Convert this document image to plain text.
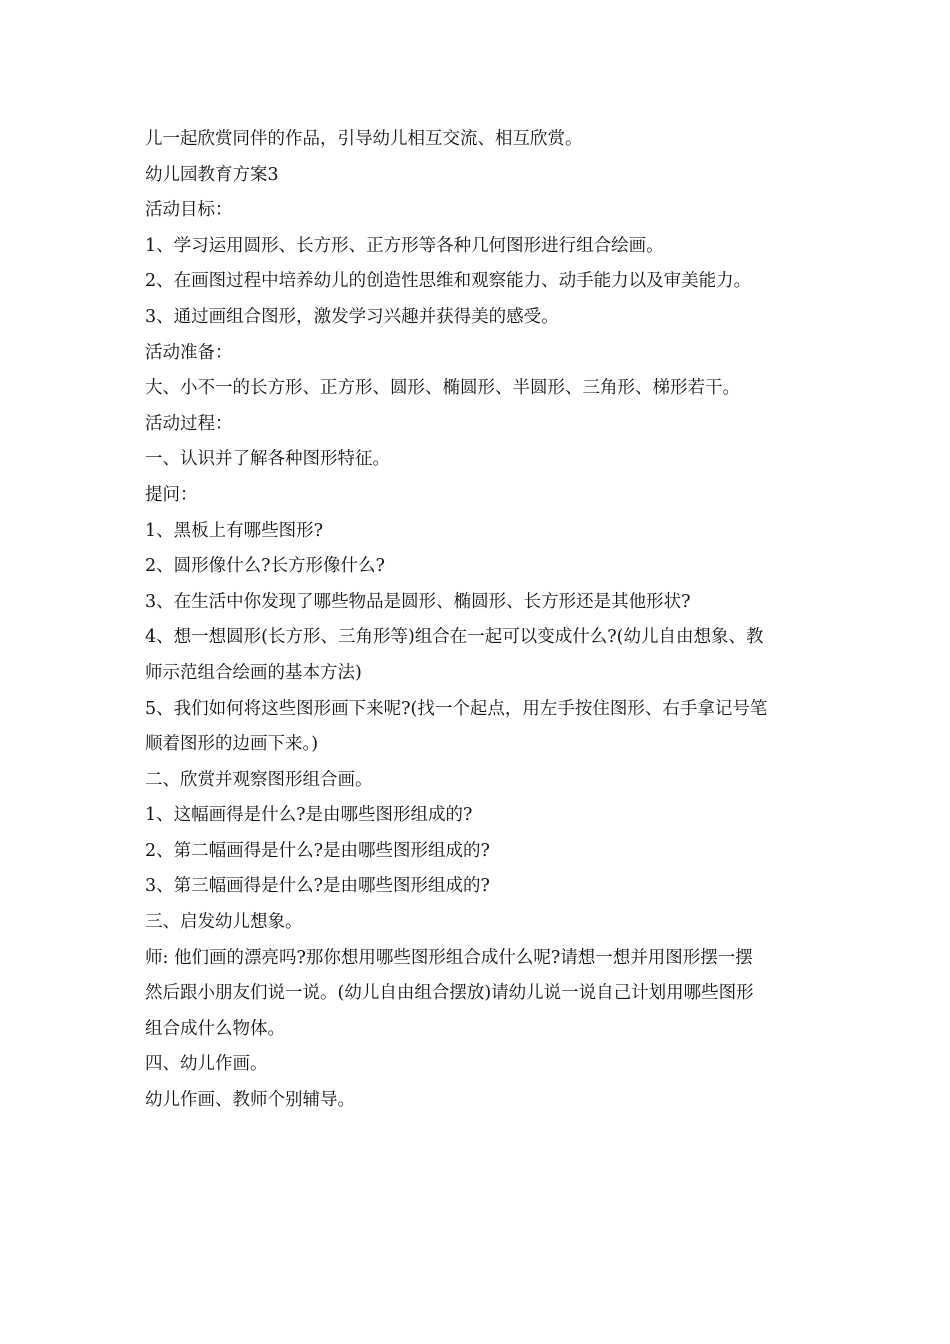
儿一起欣赏同伴的作品，引导幼儿相互交流、相互欣赏。

幼儿园教育方案3

活动目标：

1、学习运用圆形、长方形、正方形等各种几何图形进行组合绘画。

2、在画图过程中培养幼儿的创造性思维和观察能力、动手能力以及审美能力。

3、通过画组合图形，激发学习兴趣并获得美的感受。

活动准备：

大、小不一的长方形、正方形、圆形、椭圆形、半圆形、三角形、梯形若干。

活动过程：

一、认识并了解各种图形特征。

提问：

1、黑板上有哪些图形?

2、圆形像什么?长方形像什么?

3、在生活中你发现了哪些物品是圆形、椭圆形、长方形还是其他形状?

4、想一想圆形(长方形、三角形等)组合在一起可以变成什么?(幼儿自由想象、教
师示范组合绘画的基本方法)

5、我们如何将这些图形画下来呢?(找一个起点，用左手按住图形、右手拿记号笔
顺着图形的边画下来。)

二、欣赏并观察图形组合画。

1、这幅画得是什么?是由哪些图形组成的?

2、第二幅画得是什么?是由哪些图形组成的?

3、第三幅画得是什么?是由哪些图形组成的?

三、启发幼儿想象。

师: 他们画的漂亮吗?那你想用哪些图形组合成什么呢?请想一想并用图形摆一摆
然后跟小朋友们说一说。(幼儿自由组合摆放)请幼儿说一说自己计划用哪些图形
组合成什么物体。

四、幼儿作画。

幼儿作画、教师个别辅导。
